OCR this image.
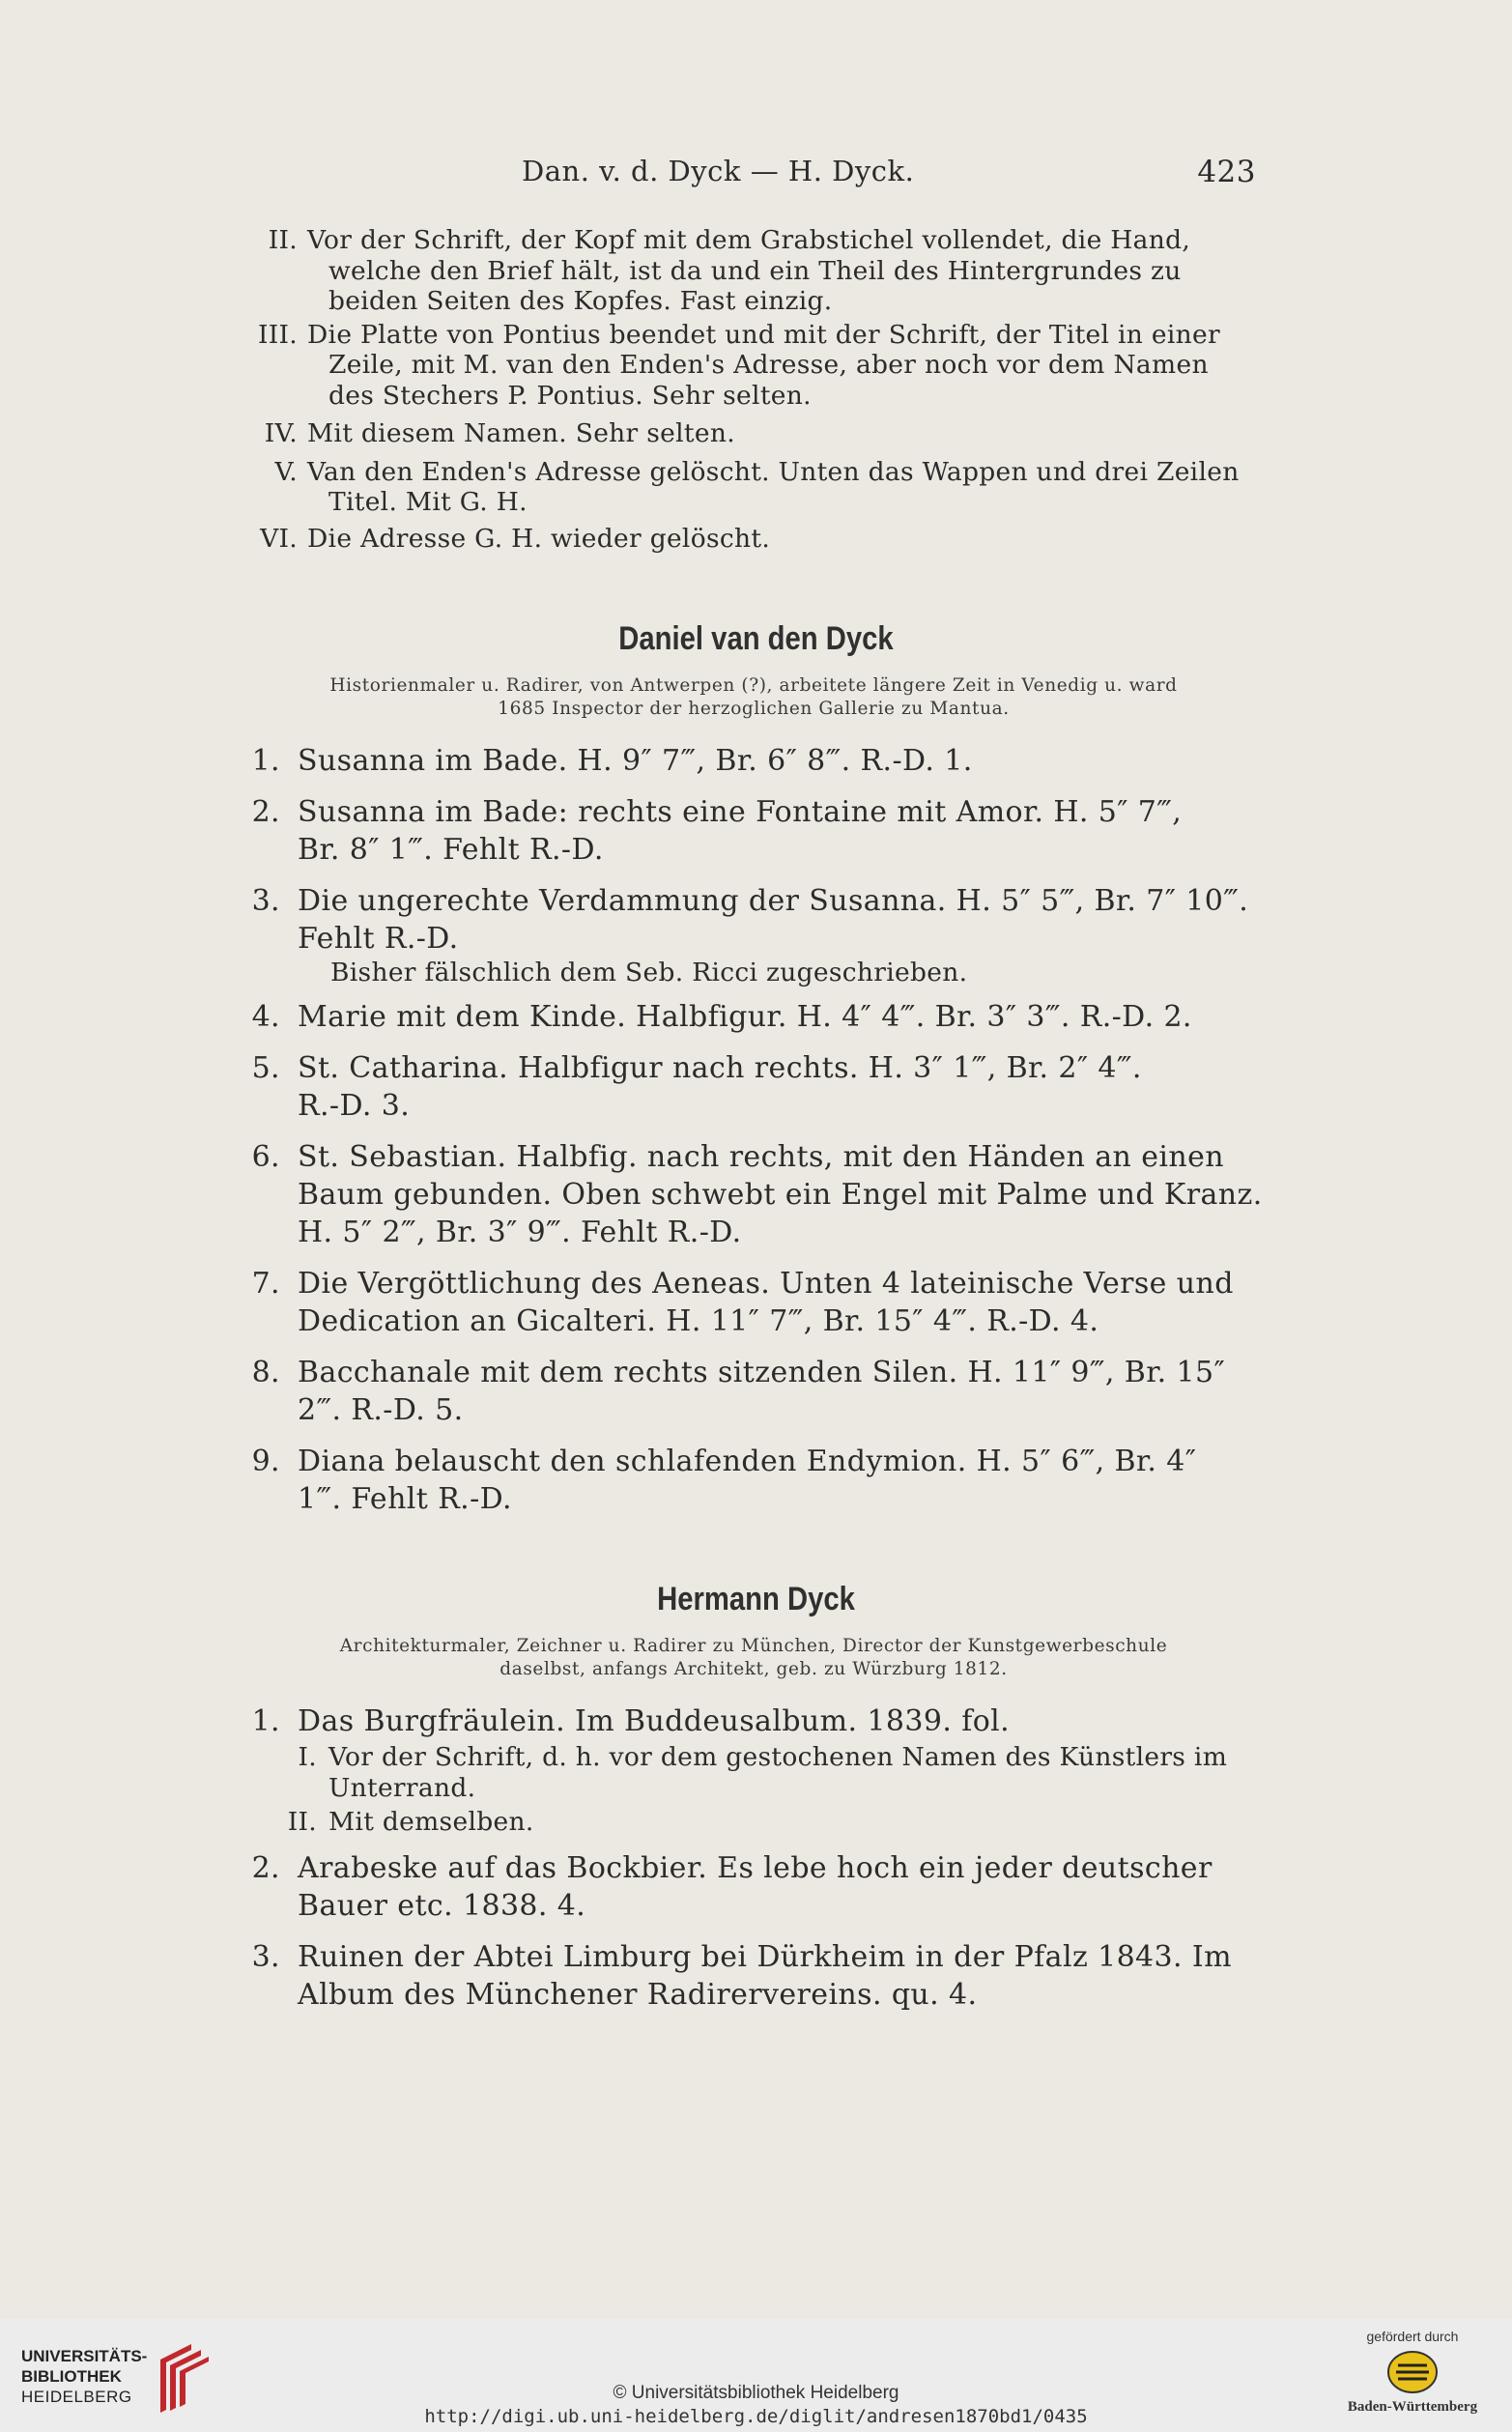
Dan. v. d. Dyck — H. Dyck.	423
II. Vor der Schrift, der Kopf mit dem Grabstichel vollendet, die Hand,
welche den Brief hält, ist da und ein Theil des Hintergrundes zu
beiden Seiten des Kopfes. Fast einzig.
III. Die Platte von Pontius beendet und mit der Schrift, der Titel in einer
Zeile, mit M. van den Enden's Adresse, aber noch vor dem Namen
des Stechers P. Pontius. Sehr selten.
IV. Mit diesem Namen. Sehr selten.
V. Van den Enden's Adresse gelöscht. Unten das Wappen und drei Zeilen
Titel. Mit G. H.
VI. Die Adresse G. H. wieder gelöscht.
Daniel van den Dyck
Historienmaler u. Radirer, von Antwerpen (?), arbeitete längere Zeit in Venedig u. ward
1685 Inspector der herzoglichen Gallerie zu Mantua.
1. Susanna im Bade. H. 9″ 7‴, Br. 6″ 8‴. R.-D. 1.
2. Susanna im Bade: rechts eine Fontaine mit Amor. H. 5″ 7‴,
Br. 8″ 1‴. Fehlt R.-D.
3. Die ungerechte Verdammung der Susanna. H. 5″ 5‴, Br. 7″ 10‴.
Fehlt R.-D.
Bisher fälschlich dem Seb. Ricci zugeschrieben.
4. Marie mit dem Kinde. Halbfigur. H. 4″ 4‴. Br. 3″ 3‴. R.-D. 2.
5. St. Catharina. Halbfigur nach rechts. H. 3″ 1‴, Br. 2″ 4‴.
R.-D. 3.
6. St. Sebastian. Halbfig. nach rechts, mit den Händen an einen
Baum gebunden. Oben schwebt ein Engel mit Palme und Kranz.
H. 5″ 2‴, Br. 3″ 9‴. Fehlt R.-D.
7. Die Vergöttlichung des Aeneas. Unten 4 lateinische Verse und
Dedication an Gicalteri. H. 11″ 7‴, Br. 15″ 4‴. R.-D. 4.
8. Bacchanale mit dem rechts sitzenden Silen. H. 11″ 9‴, Br. 15″
2‴. R.-D. 5.
9. Diana belauscht den schlafenden Endymion. H. 5″ 6‴, Br. 4″
1‴. Fehlt R.-D.
Hermann Dyck
Architekturmaler, Zeichner u. Radirer zu München, Director der Kunstgewerbeschule
daselbst, anfangs Architekt, geb. zu Würzburg 1812.
1. Das Burgfräulein. Im Buddeusalbum. 1839. fol.
I. Vor der Schrift, d. h. vor dem gestochenen Namen des Künstlers im
Unterrand.
II. Mit demselben.
2. Arabeske auf das Bockbier. Es lebe hoch ein jeder deutscher
Bauer etc. 1838. 4.
3. Ruinen der Abtei Limburg bei Dürkheim in der Pfalz 1843. Im
Album des Münchener Radirervereins. qu. 4.
UNIVERSITÄTS-
BIBLIOTHEK
HEIDELBERG	© Universitätsbibliothek Heidelberg
http://digi.ub.uni-heidelberg.de/diglit/andresen1870bd1/0435
gefördert durch
Baden-Württemberg
